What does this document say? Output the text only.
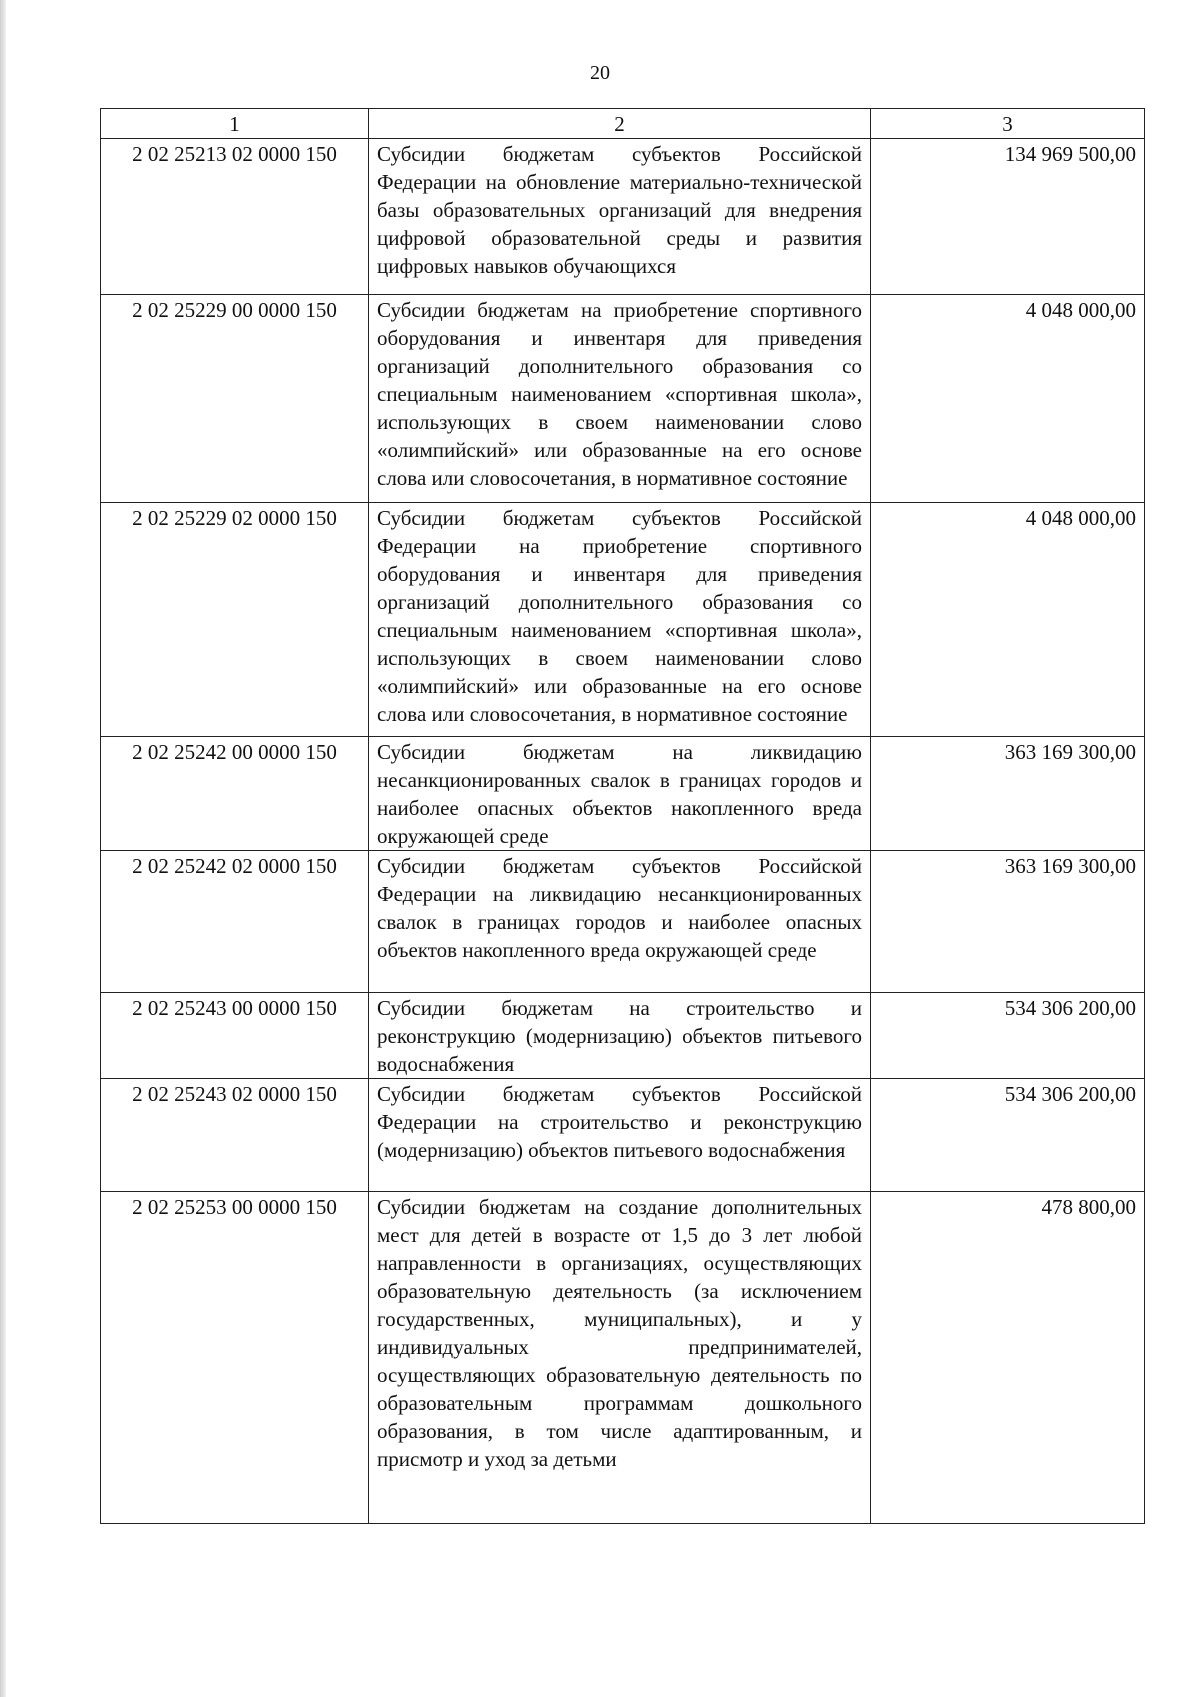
20
1	2	3
2 02 25213 02 0000 150	Субсидии бюджетам субъектов Российской Федерации на обновление материально-технической базы образовательных организаций для внедрения цифровой образовательной среды и развития цифровых навыков обучающихся	134 969 500,00
2 02 25229 00 0000 150	Субсидии бюджетам на приобретение спортивного оборудования и инвентаря для приведения организаций дополнительного образования со специальным наименованием «спортивная школа», использующих в своем наименовании слово «олимпийский» или образованные на его основе слова или словосочетания, в нормативное состояние	4 048 000,00
2 02 25229 02 0000 150	Субсидии бюджетам субъектов Российской Федерации на приобретение спортивного оборудования и инвентаря для приведения организаций дополнительного образования со специальным наименованием «спортивная школа», использующих в своем наименовании слово «олимпийский» или образованные на его основе слова или словосочетания, в нормативное состояние	4 048 000,00
2 02 25242 00 0000 150	Субсидии бюджетам на ликвидацию несанкционированных свалок в границах городов и наиболее опасных объектов накопленного вреда окружающей среде	363 169 300,00
2 02 25242 02 0000 150	Субсидии бюджетам субъектов Российской Федерации на ликвидацию несанкционированных свалок в границах городов и наиболее опасных объектов накопленного вреда окружающей среде	363 169 300,00
2 02 25243 00 0000 150	Субсидии бюджетам на строительство и реконструкцию (модернизацию) объектов питьевого водоснабжения	534 306 200,00
2 02 25243 02 0000 150	Субсидии бюджетам субъектов Российской Федерации на строительство и реконструкцию (модернизацию) объектов питьевого водоснабжения	534 306 200,00
2 02 25253 00 0000 150	Субсидии бюджетам на создание дополнительных мест для детей в возрасте от 1,5 до 3 лет любой направленности в организациях, осуществляющих образовательную деятельность (за исключением государственных, муниципальных), и у индивидуальных предпринимателей, осуществляющих образовательную деятельность по образовательным программам дошкольного образования, в том числе адаптированным, и присмотр и уход за детьми	478 800,00
